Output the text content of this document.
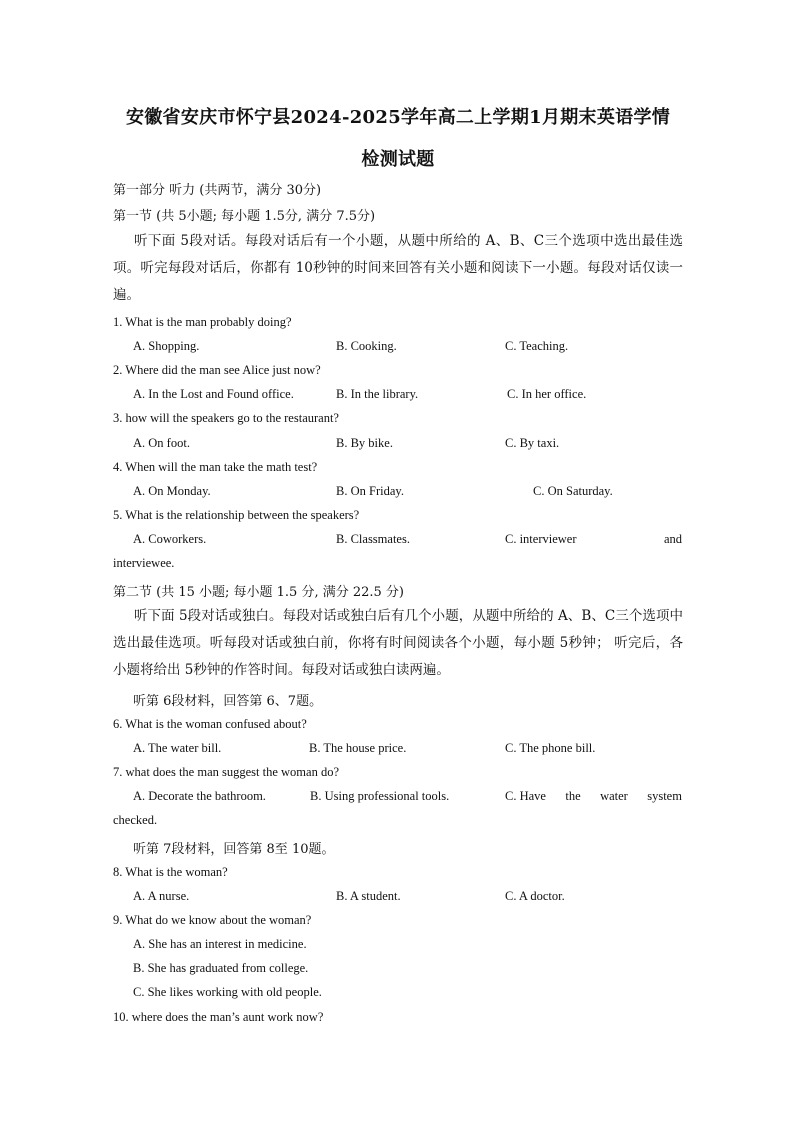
安徽省安庆市怀宁县2024-2025学年高二上学期1月期末英语学情
检测试题
第一部分 听力 (共两节，满分 30分)
第一节 (共 5小题; 每小题 1.5分, 满分 7.5分)
听下面 5段对话。每段对话后有一个小题，从题中所给的 A、B、C三个选项中选出最佳选项。听完每段对话后，你都有 10秒钟的时间来回答有关小题和阅读下一小题。每段对话仅读一遍。
1. What is the man probably doing?
A. Shopping.	B. Cooking.	C. Teaching.
2. Where did the man see Alice just now?
A. In the Lost and Found office.	B. In the library.	C. In her office.
3. how will the speakers go to the restaurant?
A. On foot.	B. By bike.	C. By taxi.
4. When will the man take the math test?
A. On Monday.	B. On Friday.	C. On Saturday.
5. What is the relationship between the speakers?
A. Coworkers.	B. Classmates.	C. interviewer	and
interviewee.
第二节 (共 15 小题; 每小题 1.5 分, 满分 22.5 分)
听下面 5段对话或独白。每段对话或独白后有几个小题，从题中所给的 A、B、C三个选项中选出最佳选项。听每段对话或独白前，你将有时间阅读各个小题，每小题 5秒钟； 听完后，各小题将给出 5秒钟的作答时间。每段对话或独白读两遍。
听第 6段材料，回答第 6、7题。
6. What is the woman confused about?
A. The water bill.	B. The house price.	C. The phone bill.
7. what does the man suggest the woman do?
A. Decorate the bathroom.	B. Using professional tools.	C. Have the water system
checked.
听第 7段材料，回答第 8至 10题。
8. What is the woman?
A. A nurse.	B. A student.	C. A doctor.
9. What do we know about the woman?
A. She has an interest in medicine.
B. She has graduated from college.
C. She likes working with old people.
10. where does the man’s aunt work now?
